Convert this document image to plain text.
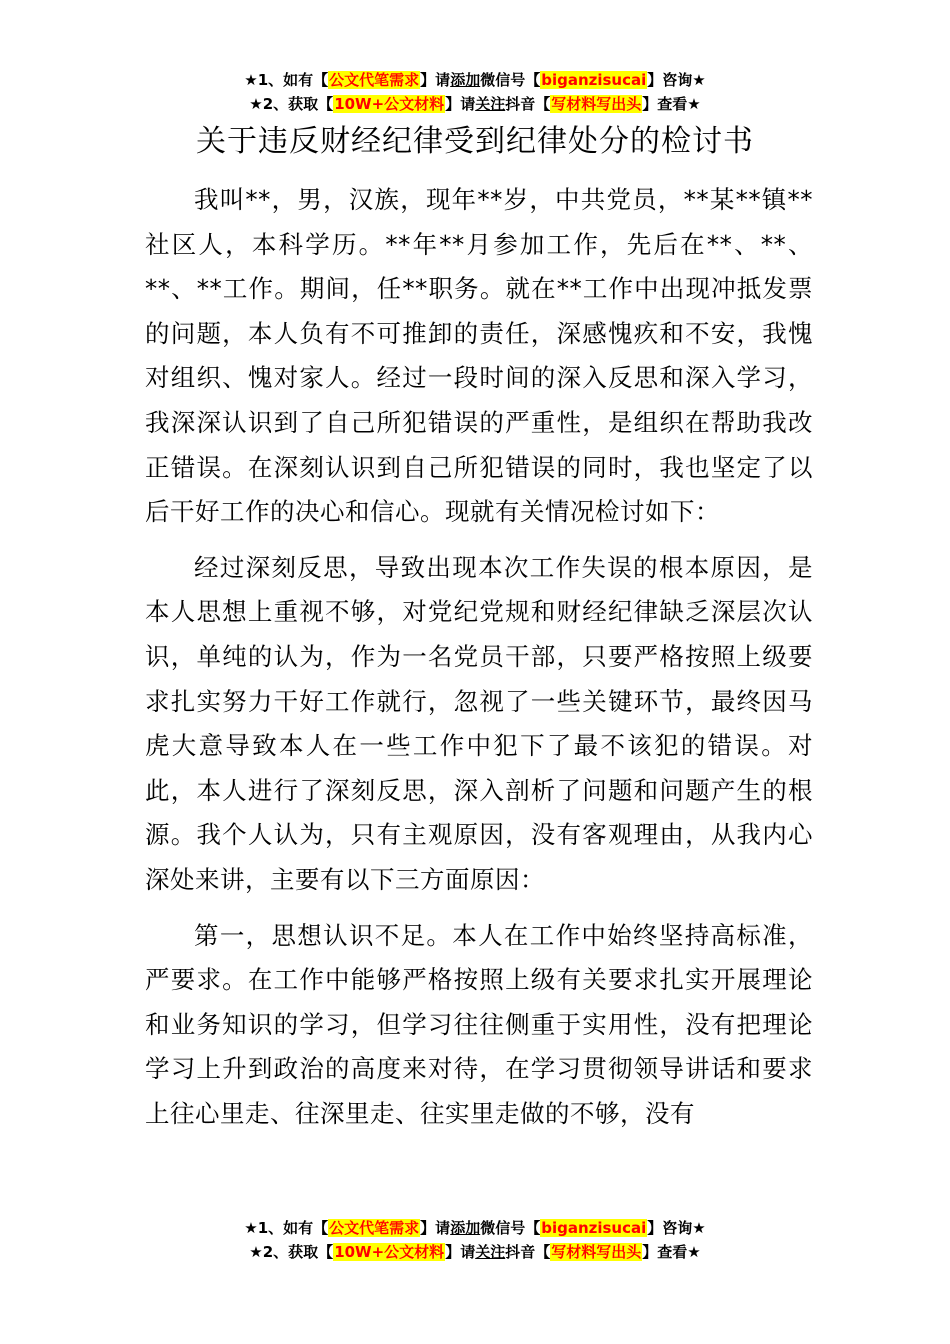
★1、如有【公文代笔需求】请添加微信号【biganzisucai】咨询★
★2、获取【10W+公文材料】请关注抖音【写材料写出头】查看★
关于违反财经纪律受到纪律处分的检讨书

我叫**，男，汉族，现年**岁，中共党员，**某**镇**社区人，本科学历。**年**月参加工作，先后在**、**、**、**工作。期间，任**职务。就在**工作中出现冲抵发票的问题，本人负有不可推卸的责任，深感愧疚和不安，我愧对组织、愧对家人。经过一段时间的深入反思和深入学习，我深深认识到了自己所犯错误的严重性，是组织在帮助我改正错误。在深刻认识到自己所犯错误的同时，我也坚定了以后干好工作的决心和信心。现就有关情况检讨如下：

经过深刻反思，导致出现本次工作失误的根本原因，是本人思想上重视不够，对党纪党规和财经纪律缺乏深层次认识，单纯的认为，作为一名党员干部，只要严格按照上级要求扎实努力干好工作就行，忽视了一些关键环节，最终因马虎大意导致本人在一些工作中犯下了最不该犯的错误。对此，本人进行了深刻反思，深入剖析了问题和问题产生的根源。我个人认为，只有主观原因，没有客观理由，从我内心深处来讲，主要有以下三方面原因：

第一，思想认识不足。本人在工作中始终坚持高标准，严要求。在工作中能够严格按照上级有关要求扎实开展理论和业务知识的学习，但学习往往侧重于实用性，没有把理论学习上升到政治的高度来对待，在学习贯彻领导讲话和要求上往心里走、往深里走、往实里走做的不够，没有

★1、如有【公文代笔需求】请添加微信号【biganzisucai】咨询★
★2、获取【10W+公文材料】请关注抖音【写材料写出头】查看★
